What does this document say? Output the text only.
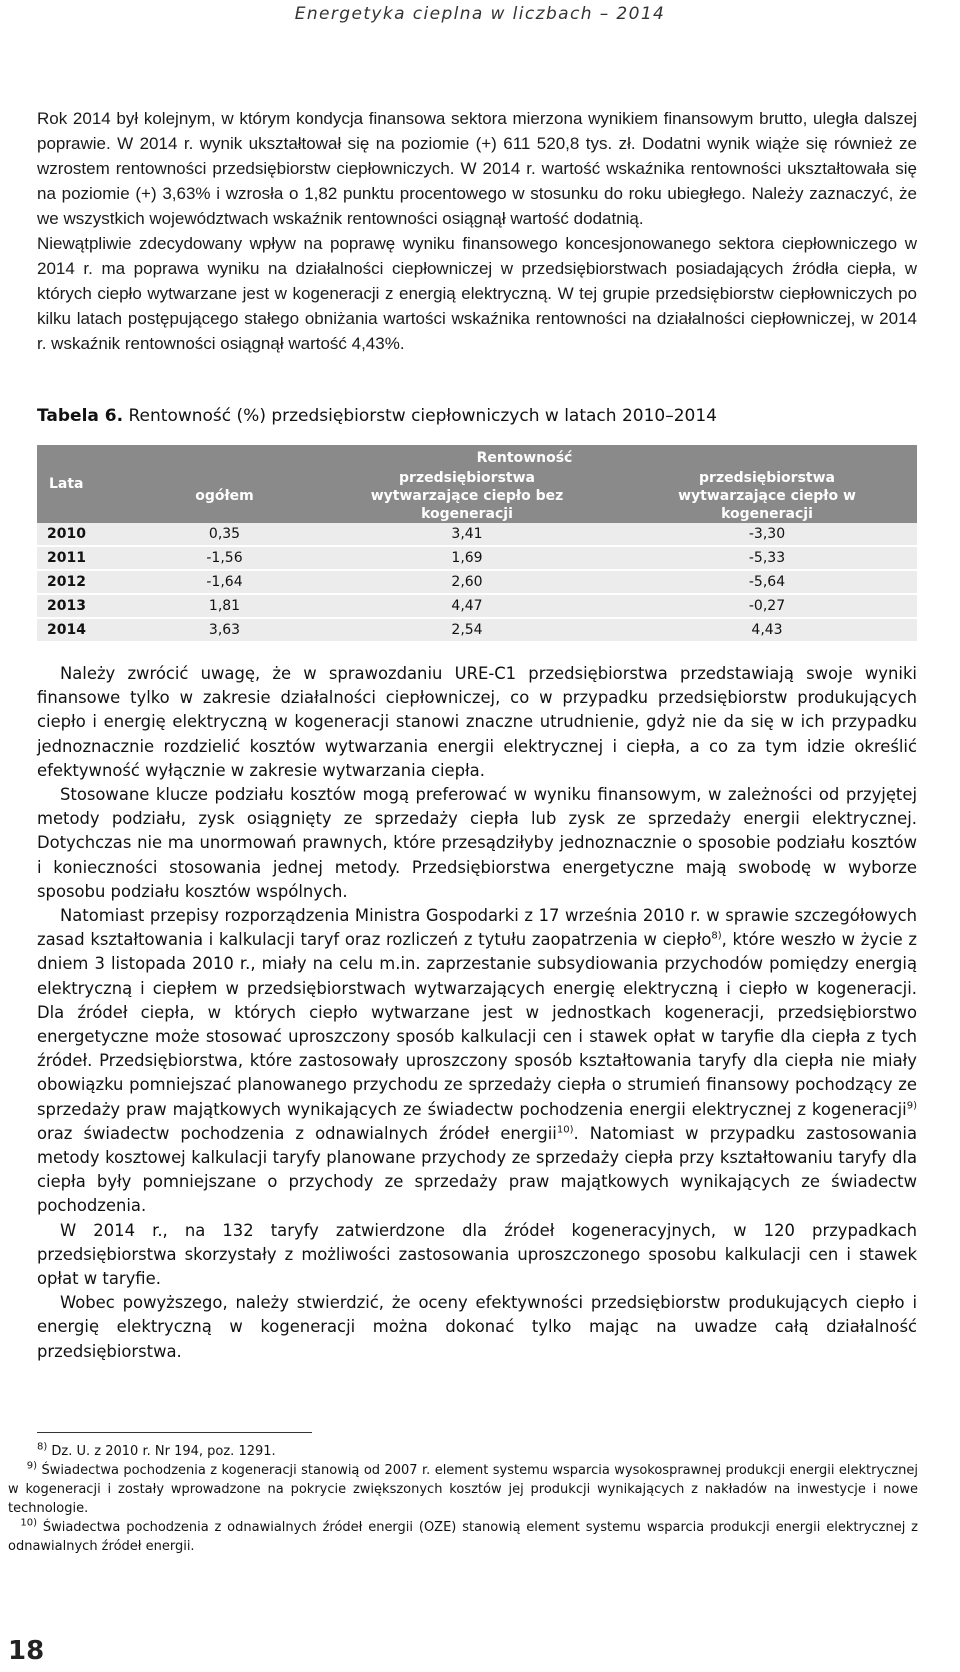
Energetyka cieplna w liczbach – 2014

Rok 2014 był kolejnym, w którym kondycja finansowa sektora mierzona wynikiem finansowym brutto, uległa dalszej poprawie. W 2014 r. wynik ukształtował się na poziomie (+) 611 520,8 tys. zł. Dodatni wynik wiąże się również ze wzrostem rentowności przedsiębiorstw ciepłowniczych. W 2014 r. wartość wskaźnika rentowności ukształtowała się na poziomie (+) 3,63% i wzrosła o 1,82 punktu procentowego w stosunku do roku ubiegłego. Należy zaznaczyć, że we wszystkich województwach wskaźnik rentowności osiągnął wartość dodatnią.

Niewątpliwie zdecydowany wpływ na poprawę wyniku finansowego koncesjonowanego sektora ciepłowniczego w 2014 r. ma poprawa wyniku na działalności ciepłowniczej w przedsiębiorstwach posiadających źródła ciepła, w których ciepło wytwarzane jest w kogeneracji z energią elektryczną. W tej grupie przedsiębiorstw ciepłowniczych po kilku latach postępującego stałego obniżania wartości wskaźnika rentowności na działalności ciepłowniczej, w 2014 r. wskaźnik rentowności osiągnął wartość 4,43%.

Tabela 6. Rentowność (%) przedsiębiorstw ciepłowniczych w latach 2010–2014
Lata	Rentowność		
	ogółem	przedsiębiorstwa wytwarzające ciepło bez kogeneracji	przedsiębiorstwa wytwarzające ciepło w kogeneracji

2010	0,35	3,41	-3,30
2011	-1,56	1,69	-5,33
2012	-1,64	2,60	-5,64
2013	1,81	4,47	-0,27
2014	3,63	2,54	4,43

Należy zwrócić uwagę, że w sprawozdaniu URE-C1 przedsiębiorstwa przedstawiają swoje wyniki finansowe tylko w zakresie działalności ciepłowniczej, co w przypadku przedsiębiorstw produkujących ciepło i energię elektryczną w kogeneracji stanowi znaczne utrudnienie, gdyż nie da się w ich przypadku jednoznacznie rozdzielić kosztów wytwarzania energii elektrycznej i ciepła, a co za tym idzie określić efektywność wyłącznie w zakresie wytwarzania ciepła.

Stosowane klucze podziału kosztów mogą preferować w wyniku finansowym, w zależności od przyjętej metody podziału, zysk osiągnięty ze sprzedaży ciepła lub zysk ze sprzedaży energii elektrycznej. Dotychczas nie ma unormowań prawnych, które przesądziłyby jednoznacznie o sposobie podziału kosztów i konieczności stosowania jednej metody. Przedsiębiorstwa energetyczne mają swobodę w wyborze sposobu podziału kosztów wspólnych.

Natomiast przepisy rozporządzenia Ministra Gospodarki z 17 września 2010 r. w sprawie szczegółowych zasad kształtowania i kalkulacji taryf oraz rozliczeń z tytułu zaopatrzenia w ciepło$^{8)}$, które weszło w życie z dniem 3 listopada 2010 r., miały na celu m.in. zaprzestanie subsydiowania przychodów pomiędzy energią elektryczną i ciepłem w przedsiębiorstwach wytwarzających energię elektryczną i ciepło w kogeneracji. Dla źródeł ciepła, w których ciepło wytwarzane jest w jednostkach kogeneracji, przedsiębiorstwo energetyczne może stosować uproszczony sposób kalkulacji cen i stawek opłat w taryfie dla ciepła z tych źródeł. Przedsiębiorstwa, które zastosowały uproszczony sposób kształtowania taryfy dla ciepła nie miały obowiązku pomniejszać planowanego przychodu ze sprzedaży ciepła o strumień finansowy pochodzący ze sprzedaży praw majątkowych wynikających ze świadectw pochodzenia energii elektrycznej z kogeneracji$^{9)}$ oraz świadectw pochodzenia z odnawialnych źródeł energii$^{10)}$. Natomiast w przypadku zastosowania metody kosztowej kalkulacji taryfy planowane przychody ze sprzedaży ciepła przy kształtowaniu taryfy dla ciepła były pomniejszane o przychody ze sprzedaży praw majątkowych wynikających ze świadectw pochodzenia.

W 2014 r., na 132 taryfy zatwierdzone dla źródeł kogeneracyjnych, w 120 przypadkach przedsiębiorstwa skorzystały z możliwości zastosowania uproszczonego sposobu kalkulacji cen i stawek opłat w taryfie.

Wobec powyższego, należy stwierdzić, że oceny efektywności przedsiębiorstw produkujących ciepło i energię elektryczną w kogeneracji można dokonać tylko mając na uwadze całą działalność przedsiębiorstwa.

$^{8)}$ Dz. U. z 2010 r. Nr 194, poz. 1291.

$^{9)}$ Świadectwa pochodzenia z kogeneracji stanowią od 2007 r. element systemu wsparcia wysokosprawnej produkcji energii elektrycznej w kogeneracji i zostały wprowadzone na pokrycie zwiększonych kosztów jej produkcji wynikających z nakładów na inwestycje i nowe technologie.

$^{10)}$ Świadectwa pochodzenia z odnawialnych źródeł energii (OZE) stanowią element systemu wsparcia produkcji energii elektrycznej z odnawialnych źródeł energii.

18
